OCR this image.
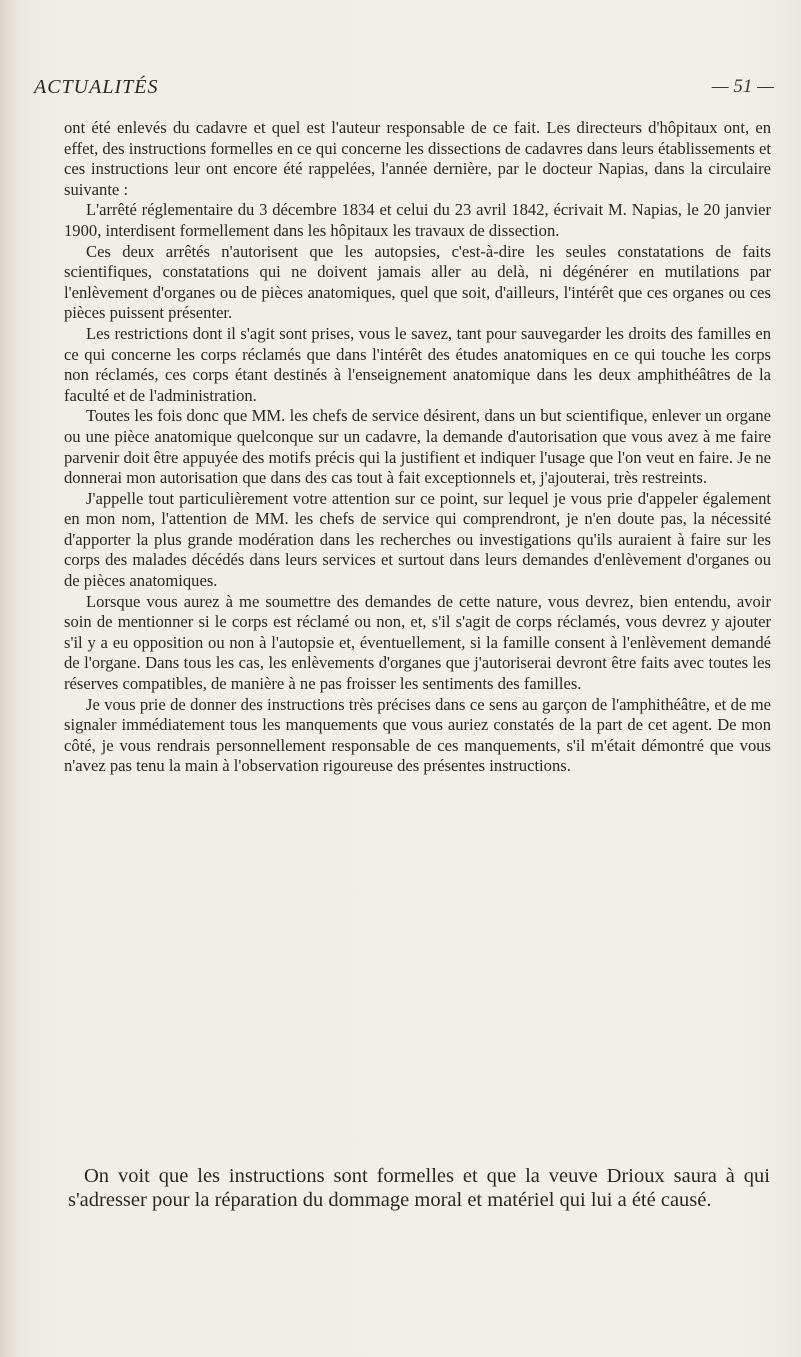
ACTUALITÉS	— 51 —

ont été enlevés du cadavre et quel est l'auteur responsable de ce fait. Les directeurs d'hôpitaux ont, en effet, des instructions formelles en ce qui concerne les dissections de cadavres dans leurs établissements et ces instructions leur ont encore été rappelées, l'année dernière, par le docteur Napias, dans la circulaire suivante :

L'arrêté réglementaire du 3 décembre 1834 et celui du 23 avril 1842, écrivait M. Napias, le 20 janvier 1900, interdisent formellement dans les hôpitaux les travaux de dissection.

Ces deux arrêtés n'autorisent que les autopsies, c'est-à-dire les seules constatations de faits scientifiques, constatations qui ne doivent jamais aller au delà, ni dégénérer en mutilations par l'enlèvement d'organes ou de pièces anatomiques, quel que soit, d'ailleurs, l'intérêt que ces organes ou ces pièces puissent présenter.

Les restrictions dont il s'agit sont prises, vous le savez, tant pour sauvegarder les droits des familles en ce qui concerne les corps réclamés que dans l'intérêt des études anatomiques en ce qui touche les corps non réclamés, ces corps étant destinés à l'enseignement anatomique dans les deux amphithéâtres de la faculté et de l'administration.

Toutes les fois donc que MM. les chefs de service désirent, dans un but scientifique, enlever un organe ou une pièce anatomique quelconque sur un cadavre, la demande d'autorisation que vous avez à me faire parvenir doit être appuyée des motifs précis qui la justifient et indiquer l'usage que l'on veut en faire. Je ne donnerai mon autorisation que dans des cas tout à fait exceptionnels et, j'ajouterai, très restreints.

J'appelle tout particulièrement votre attention sur ce point, sur lequel je vous prie d'appeler également en mon nom, l'attention de MM. les chefs de service qui comprendront, je n'en doute pas, la nécessité d'apporter la plus grande modération dans les recherches ou investigations qu'ils auraient à faire sur les corps des malades décédés dans leurs services et surtout dans leurs demandes d'enlèvement d'organes ou de pièces anatomiques.

Lorsque vous aurez à me soumettre des demandes de cette nature, vous devrez, bien entendu, avoir soin de mentionner si le corps est réclamé ou non, et, s'il s'agit de corps réclamés, vous devrez y ajouter s'il y a eu opposition ou non à l'autopsie et, éventuellement, si la famille consent à l'enlèvement demandé de l'organe. Dans tous les cas, les enlèvements d'organes que j'autoriserai devront être faits avec toutes les réserves compatibles, de manière à ne pas froisser les sentiments des familles.

Je vous prie de donner des instructions très précises dans ce sens au garçon de l'amphithéâtre, et de me signaler immédiatement tous les manquements que vous auriez constatés de la part de cet agent. De mon côté, je vous rendrais personnellement responsable de ces manquements, s'il m'était démontré que vous n'avez pas tenu la main à l'observation rigoureuse des présentes instructions.

On voit que les instructions sont formelles et que la veuve Drioux saura à qui s'adresser pour la réparation du dommage moral et matériel qui lui a été causé.
